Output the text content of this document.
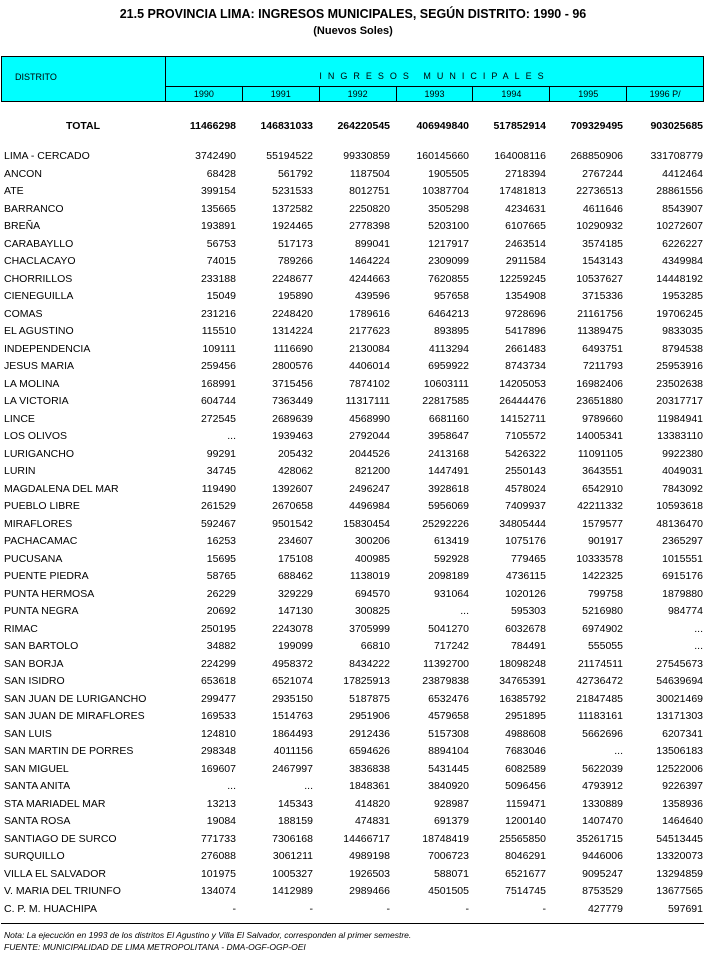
21.5 PROVINCIA LIMA: INGRESOS MUNICIPALES, SEGÚN DISTRITO: 1990 - 96
(Nuevos Soles)
DISTRITO	INGRESOS MUNICIPALES
1990	1991	1992	1993	1994	1995	1996 P/
TOTAL	11466298	146831033	264220545	406949840	517852914	709329495	903025685
LIMA - CERCADO	3742490	55194522	99330859	160145660	164008116	268850906	331708779
ANCON	68428	561792	1187504	1905505	2718394	2767244	4412464
ATE	399154	5231533	8012751	10387704	17481813	22736513	28861556
BARRANCO	135665	1372582	2250820	3505298	4234631	4611646	8543907
BREÑA	193891	1924465	2778398	5203100	6107665	10290932	10272607
CARABAYLLO	56753	517173	899041	1217917	2463514	3574185	6226227
CHACLACAYO	74015	789266	1464224	2309099	2911584	1543143	4349984
CHORRILLOS	233188	2248677	4244663	7620855	12259245	10537627	14448192
CIENEGUILLA	15049	195890	439596	957658	1354908	3715336	1953285
COMAS	231216	2248420	1789616	6464213	9728696	21161756	19706245
EL AGUSTINO	115510	1314224	2177623	893895	5417896	11389475	9833035
INDEPENDENCIA	109111	1116690	2130084	4113294	2661483	6493751	8794538
JESUS MARIA	259456	2800576	4406014	6959922	8743734	7211793	25953916
LA MOLINA	168991	3715456	7874102	10603111	14205053	16982406	23502638
LA VICTORIA	604744	7363449	11317111	22817585	26444476	23651880	20317717
LINCE	272545	2689639	4568990	6681160	14152711	9789660	11984941
LOS OLIVOS	...	1939463	2792044	3958647	7105572	14005341	13383110
LURIGANCHO	99291	205432	2044526	2413168	5426322	11091105	9922380
LURIN	34745	428062	821200	1447491	2550143	3643551	4049031
MAGDALENA DEL MAR	119490	1392607	2496247	3928618	4578024	6542910	7843092
PUEBLO LIBRE	261529	2670658	4496984	5956069	7409937	42211332	10593618
MIRAFLORES	592467	9501542	15830454	25292226	34805444	1579577	48136470
PACHACAMAC	16253	234607	300206	613419	1075176	901917	2365297
PUCUSANA	15695	175108	400985	592928	779465	10333578	1015551
PUENTE PIEDRA	58765	688462	1138019	2098189	4736115	1422325	6915176
PUNTA HERMOSA	26229	329229	694570	931064	1020126	799758	1879880
PUNTA NEGRA	20692	147130	300825	...	595303	5216980	984774
RIMAC	250195	2243078	3705999	5041270	6032678	6974902	...
SAN BARTOLO	34882	199099	66810	717242	784491	555055	...
SAN BORJA	224299	4958372	8434222	11392700	18098248	21174511	27545673
SAN ISIDRO	653618	6521074	17825913	23879838	34765391	42736472	54639694
SAN JUAN DE LURIGANCHO	299477	2935150	5187875	6532476	16385792	21847485	30021469
SAN JUAN DE MIRAFLORES	169533	1514763	2951906	4579658	2951895	11183161	13171303
SAN LUIS	124810	1864493	2912436	5157308	4988608	5662696	6207341
SAN MARTIN DE PORRES	298348	4011156	6594626	8894104	7683046	...	13506183
SAN MIGUEL	169607	2467997	3836838	5431445	6082589	5622039	12522006
SANTA ANITA	...	...	1848361	3840920	5096456	4793912	9226397
STA MARIADEL MAR	13213	145343	414820	928987	1159471	1330889	1358936
SANTA ROSA	19084	188159	474831	691379	1200140	1407470	1464640
SANTIAGO DE SURCO	771733	7306168	14466717	18748419	25565850	35261715	54513445
SURQUILLO	276088	3061211	4989198	7006723	8046291	9446006	13320073
VILLA EL SALVADOR	101975	1005327	1926503	588071	6521677	9095247	13294859
V. MARIA DEL TRIUNFO	134074	1412989	2989466	4501505	7514745	8753529	13677565
C. P. M. HUACHIPA	-	-	-	-	-	427779	597691
Nota: La ejecución en 1993 de los distritos El Agustino y Villa El Salvador, corresponden al primer semestre.
FUENTE: MUNICIPALIDAD DE LIMA METROPOLITANA - DMA-OGF-OGP-OEI
